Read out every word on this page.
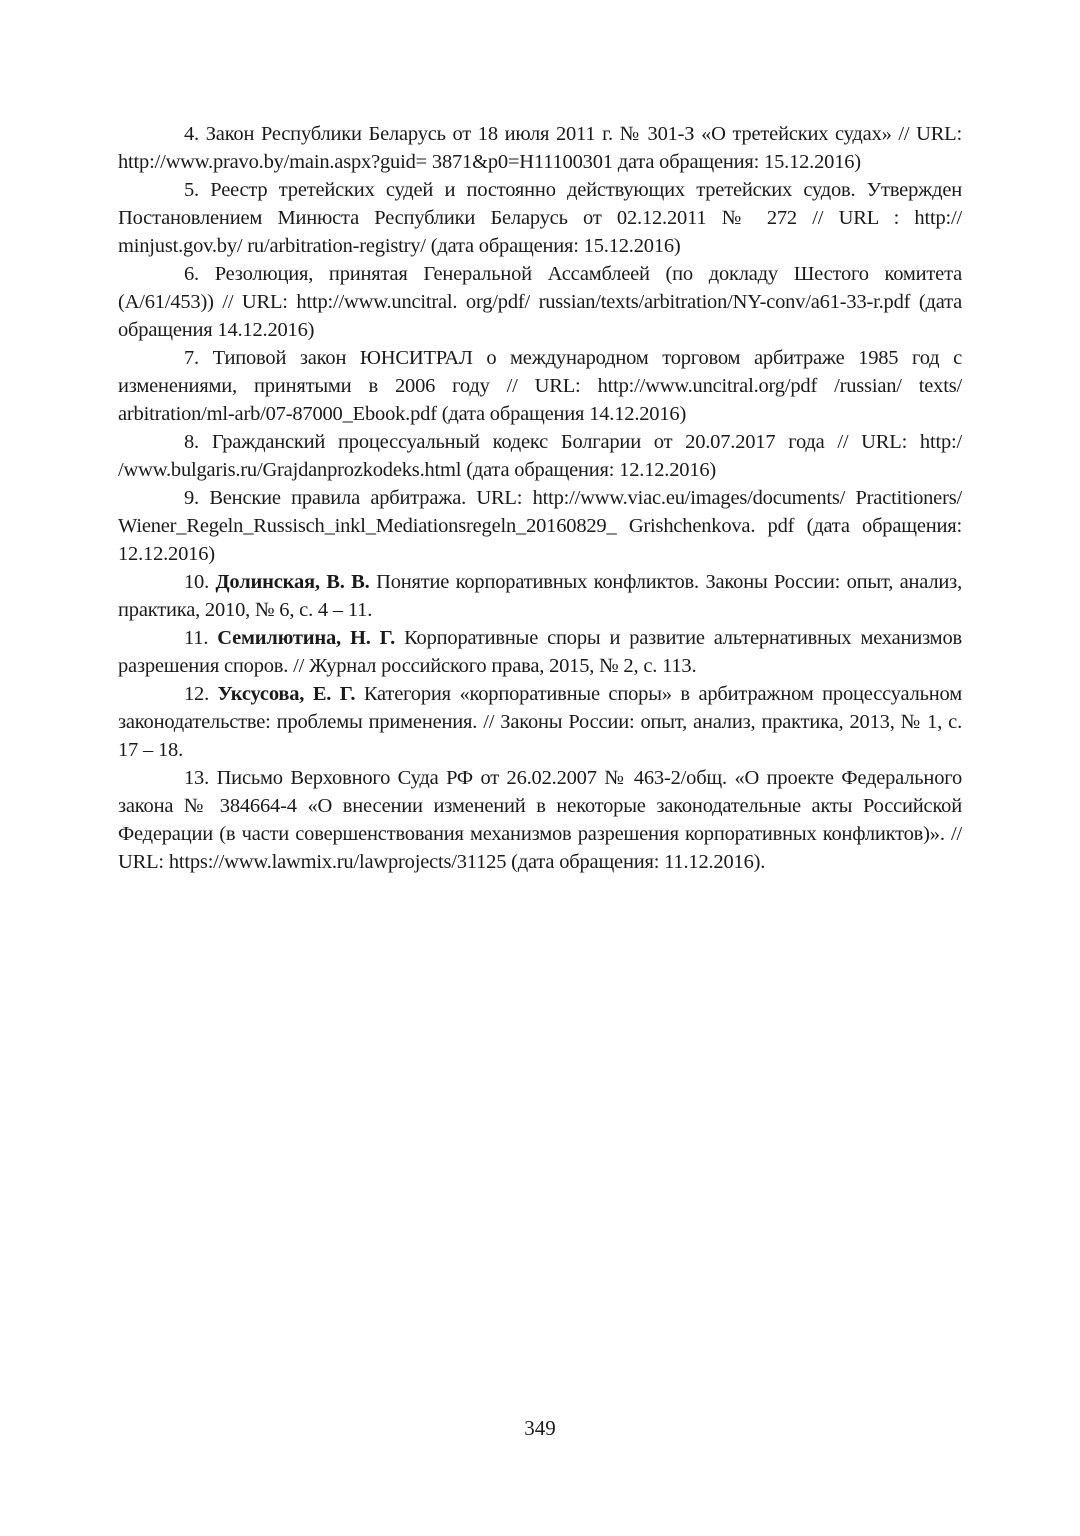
4. Закон Республики Беларусь от 18 июля 2011 г. № 301-З «О третейских судах» // URL: http://www.pravo.by/main.aspx?guid= 3871&p0=H11100301 дата обращения: 15.12.2016)

5. Реестр третейских судей и постоянно действующих третейских судов. Утвержден Постановлением Минюста Республики Беларусь от 02.12.2011 № 272 // URL : http:// minjust.gov.by/ ru/arbitration-registry/ (дата обращения: 15.12.2016)

6. Резолюция, принятая Генеральной Ассамблеей (по докладу Шестого комитета (A/61/453)) // URL: http://www.uncitral. org/pdf/ russian/texts/arbitration/NY-conv/a61-33-r.pdf (дата обращения 14.12.2016)

7. Типовой закон ЮНСИТРАЛ о международном торговом арбитраже 1985 год с изменениями, принятыми в 2006 году // URL: http://www.uncitral.org/pdf /russian/ texts/ arbitration/ml-arb/07-87000_Ebook.pdf (дата обращения 14.12.2016)

8. Гражданский процессуальный кодекс Болгарии от 20.07.2017 года // URL: http:/ /www.bulgaris.ru/Grajdanprozkodeks.html (дата обращения: 12.12.2016)

9. Венские правила арбитража. URL: http://www.viac.eu/images/documents/ Practitioners/ Wiener_Regeln_Russisch_inkl_Mediationsregeln_20160829_ Grishchenkova. pdf (дата обращения: 12.12.2016)

10. Долинская, В. В. Понятие корпоративных конфликтов. Законы России: опыт, анализ, практика, 2010, № 6, с. 4 – 11.

11. Семилютина, Н. Г. Корпоративные споры и развитие альтернативных механизмов разрешения споров. // Журнал российского права, 2015, № 2, с. 113.

12. Уксусова, Е. Г. Категория «корпоративные споры» в арбитражном процессуальном законодательстве: проблемы применения. // Законы России: опыт, анализ, практика, 2013, № 1, с. 17 – 18.

13. Письмо Верховного Суда РФ от 26.02.2007 № 463-2/общ. «О проекте Федерального закона № 384664-4 «О внесении изменений в некоторые законодательные акты Российской Федерации (в части совершенствования механизмов разрешения корпоративных конфликтов)». // URL: https://www.lawmix.ru/lawprojects/31125 (дата обращения: 11.12.2016).

349
